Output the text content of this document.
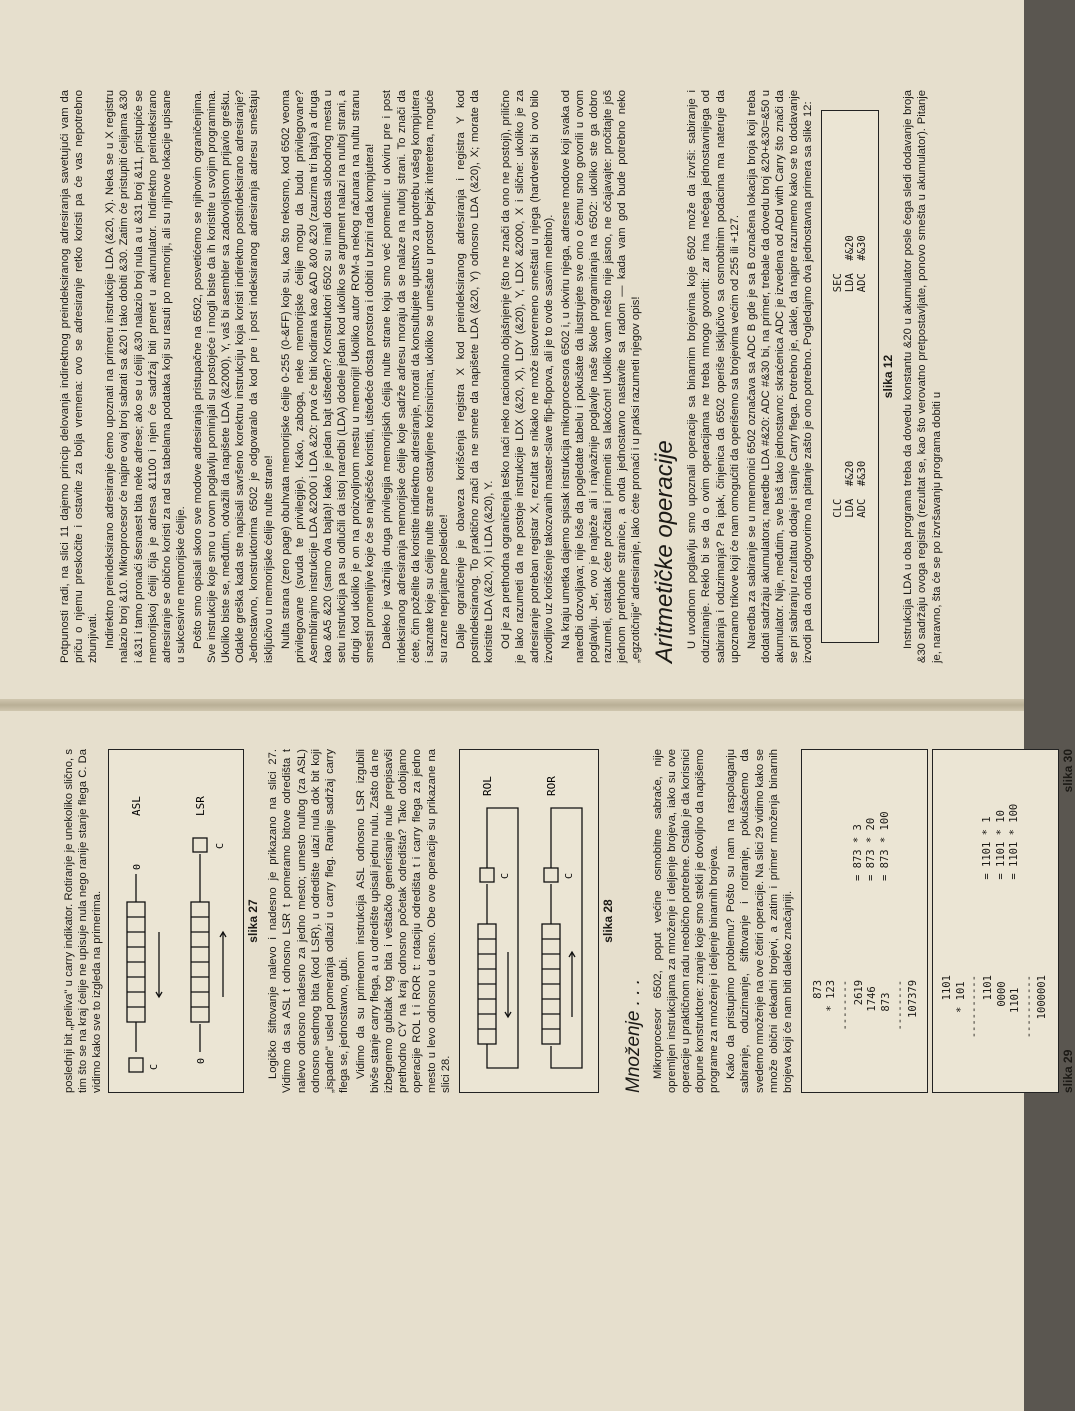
poslednji bit „preliva" u carry indikator. Rotiranje je unekoliko slično, s tim što se na kraj ćelije ne upisuje nula nego ranije stanje flega C. Da vidimo kako sve to izgleda na primerima.	C
0
ASL
0
C
LSR
slika 27 Logičko šiftovanje nalevo i nadesno je prikazano na slici 27. Vidimo da sa ASL t odnosno LSR t pomeramo bitove odredišta t nalevo odnosno nadesno za jedno mesto; umesto nultog (za ASL) odnosno sedmog bita (kod LSR), u odredište ulazi nula dok bit koji „ispadne" usled pomeranja odlazi u carry fleg. Ranije sadržaj carry flega se, jednostavno, gubi. Vidimo da su primenom instrukcija ASL odnosno LSR izgubili bivše stanje carry flega, a u odredište upisali jednu nulu. Zašto da ne izbegnemo gubitak tog bita i veštačko generisanje nule prepisavši prethodno CY na kraj odnosno početak odredišta? Tako dobijamo operacije ROL t i ROR t: rotaciju odredišta t i carry flega za jedno mesto u levo odnosno u desno. Obe ove operacije su prikazane na slici 28.

C
ROL
C
ROR
slika 28
Množenje . . . Mikroprocesor 6502, poput većine osmobitne sabrače, nije opremljen instrukcijama za množenje i deljenje brojeva, iako su ove operacije u praktičnom radu neobično potrebne. Ostalo je da korisnici dopune konstruktore: znanje koje smo stekli je dovoljno da napišemo programe za množenje i deljenje binarnih brojeva. Kako da pristupimo problemu? Pošto su nam na raspolaganju sabiranje, oduzimanje, šiftovanje i rotiranje, pokušaćemo da svedemo množenje na ove četiri operacije. Na slici 29 vidimo kako se množe obični dekadni brojevi, a zatim i primer množenja binarnih brojeva koji će nam biti daleko značajniji. 873
* 123
--------
2619
1746
873
--------
107379
= 873 * 3
= 873 * 20
= 873 * 100
1101
* 101
----------
1101
0000
1101
----------
1000001
= 1101 * 1
= 1101 * 10
= 1101 * 100
slika 29
slika 30

Potpunosti radi, na slici 11 dajemo princip delovanja indirektnog preindeksiranog adresiranja savetujući vam da priču o njemu preskočite i ostavite za bolja vremena: ovo se adresiranje retko koristi pa će vas nepotrebno zbunjivati. Indirektno preindeksirano adresiranje ćemo upoznati na primeru instrukcije LDA (&20, X). Neka se u X registru nalazio broj &10. Mikroprocesor će najpre ovaj broj sabrati sa &20 i tako dobiti &30. Zatim će pristupiti ćelijama &30 i &31 i tamo pronaći šesnaest bita neke adrese; ako se u ćeliji &30 nalazio broj nula a u &31 broj &11, pristupiće se memorijskoj ćeliji čija je adresa &1100 i njen će sadržaj biti prenet u akumulator. Indirektno preindeksirano adresiranje se obično koristi za rad sa tabelama podataka koji su rasuti po memoriji, ali su njihove lokacije upisane u sukcesivne memorijske ćelije. Pošto smo opisali skoro sve modove adresiranja pristupačne na 6502, posvetićemo se njihovim ograničenjima. Sve instrukcije koje smo u ovom poglavlju pominjali su postojeće i mogli biste da ih koristite u svojim programima. Ukoliko biste se, međutim, odvažili da napišete LDA (&2000), Y, vaš bi asembler sa zadovoljstvom prijavio grešku. Odakle greška kada ste napisali savršeno korektnu instrukciju koja koristi indirektno postindeksirano adresiranje? Jednostavno, konstruktorima 6502 je odgovaralo da kod pre i post indeksiranog adresiranja adresu smeštaju isključivo u memorijske ćelije nulte strane! Nulta strana (zero page) obuhvata memorijske ćelije 0-255 (0-&FF) koje su, kao što rekosmo, kod 6502 veoma privilegovane (svuda te privilegije). Kako, zaboga, neke memorijske ćelije mogu da budu privilegovane? Asemblirajmo instrukcije LDA &2000 i LDA &20: prva će biti kodirana kao &AD &00 &20 (zauzima tri bajta) a druga kao &A5 &20 (samo dva bajta)! kako je jedan bajt ušteđen? Konstruktori 6502 su imali dosta slobodnog mesta u setu instrukcija pa su odlučili da istoj naredbi (LDA) dodele jedan kod ukoliko se argument nalazi na nultoj strani, a drugi kod ukoliko je on na proizvoljnom mestu u memoriji! Ukoliko autor ROM-a nekog računara na nultu stranu smesti promenljive koje će se najčešće koristiti, ušteđeće dosta prostora i dobiti u brzini rada kompjutera! Daleko je važnija druga privilegija memorijskih ćelija nulte strane koju smo već pomenuli: u okviru pre i post indeksiranog adresiranja memorijske ćelije koje sadrže adresu moraju da se nalaze na nultoj strani. To znači da ćete, čim poželite da koristite indirektno adresiranje, morati da konsultujete uputstvo za upotrebu vašeg kompjutera i saznate koje su ćelije nulte strane ostavljene korisnicima; ukoliko se umešate u prostor bejzik interetera, moguće su razne neprijatne posledice! Dalje ograničenje je obaveza korišćenja registra X kod preindeksiranog adresiranja i registra Y kod postindeksiranog. To praktično znači da ne smete da napišete LDA (&20, Y) odnosno LDA (&20), X; morate da koristite LDA (&20, X) i LDA (&20), Y. Od je za prethodna ograničenja teško naći neko racionalno objašnjenje (što ne znači da ono ne postoji), prilično je lako razumeti da ne postoje instrukcije LDX (&20, X), LDY (&20), Y, LDX &2000, X i slične: ukoliko je za adresiranje potreban registar X, rezultat se nikako ne može istovremeno smeštati u njega (hardverski bi ovo bilo izvodljivo uz korišćenje takozvanih master-slave flip-flopova, ali je to ovde sasvim nebitno). Na kraju umetka dajemo spisak instrukcija mikroprocesora 6502 i, u okviru njega, adresne modove koji svaka od naredbi dozvoljava; nije loše da pogledate tabelu i pokušate da ilustrujete sve ono o čemu smo govorili u ovom poglavlju. Jer, ovo je najteže ali i najvažnije poglavlje naše škole programiranja na 6502: ukoliko ste ga dobro razumeli, ostatak ćete pročitati i primeniti sa lakoćom! Ukoliko vam nešto nije jasno, ne očajavajte: pročitajte još jednom prethodne stranice, a onda jednostavno nastavite sa radom — kada vam god bude potrebno neko „egzotičnije" adresiranje, lako ćete pronaći i u praksi razumeti njegov opis! Aritmetičke operacije U uvodnom poglavlju smo upoznali operacije sa binarnim brojevima koje 6502 može da izvrši: sabiranje i oduzimanje. Rekło bi se da o ovim operacijama ne treba mnogo govoriti: zar ima nečega jednostavnijega od sabiranja i oduzimanja? Pa ipak, činjenica da 6502 operiše isključivo sa osmobitnim podacima ma nateruje da upoznamo trikove koji će nam omogućiti da operišemo sa brojevima većim od 255 ili +127. Naredba za sabiranje se u mnemonici 6502 označava sa ADC B gde je sa B označena lokacija broja koji treba dodati sadržaju akumulatora; naredbe LDA #&20: ADC #&30 bi, na primer, trebale da dovedu broj &20+&30=&50 u akumulator. Nije, međutim, sve baš tako jednostavno: skraćenica ADC je izvedena od ADd with Carry što znači da se pri sabiranju rezultatu dodaje i stanje Carry flega. Potrebno je, dakle, da najpre razumemo kako se to dodavanje izvodi pa da onda odgovorimo na pitanje zašto je ono potrebno. Pogledajmo dva jednostavna primera sa slike 12: CLC
LDA  #&20
ADC  #&30
SEC
LDA  #&20
ADC  #&30
slika 12 Instrukcija LDA u oba programa treba da dovedu konstantu &20 u akumulator posle čega sledi dodavanje broja &30 sadržaju ovoga registra (rezultat se, kao što verovatno pretpostavljate, ponovo smešta u akumulator). Pitanje je, naravno, šta će se po izvršavanju programa dobiti u
